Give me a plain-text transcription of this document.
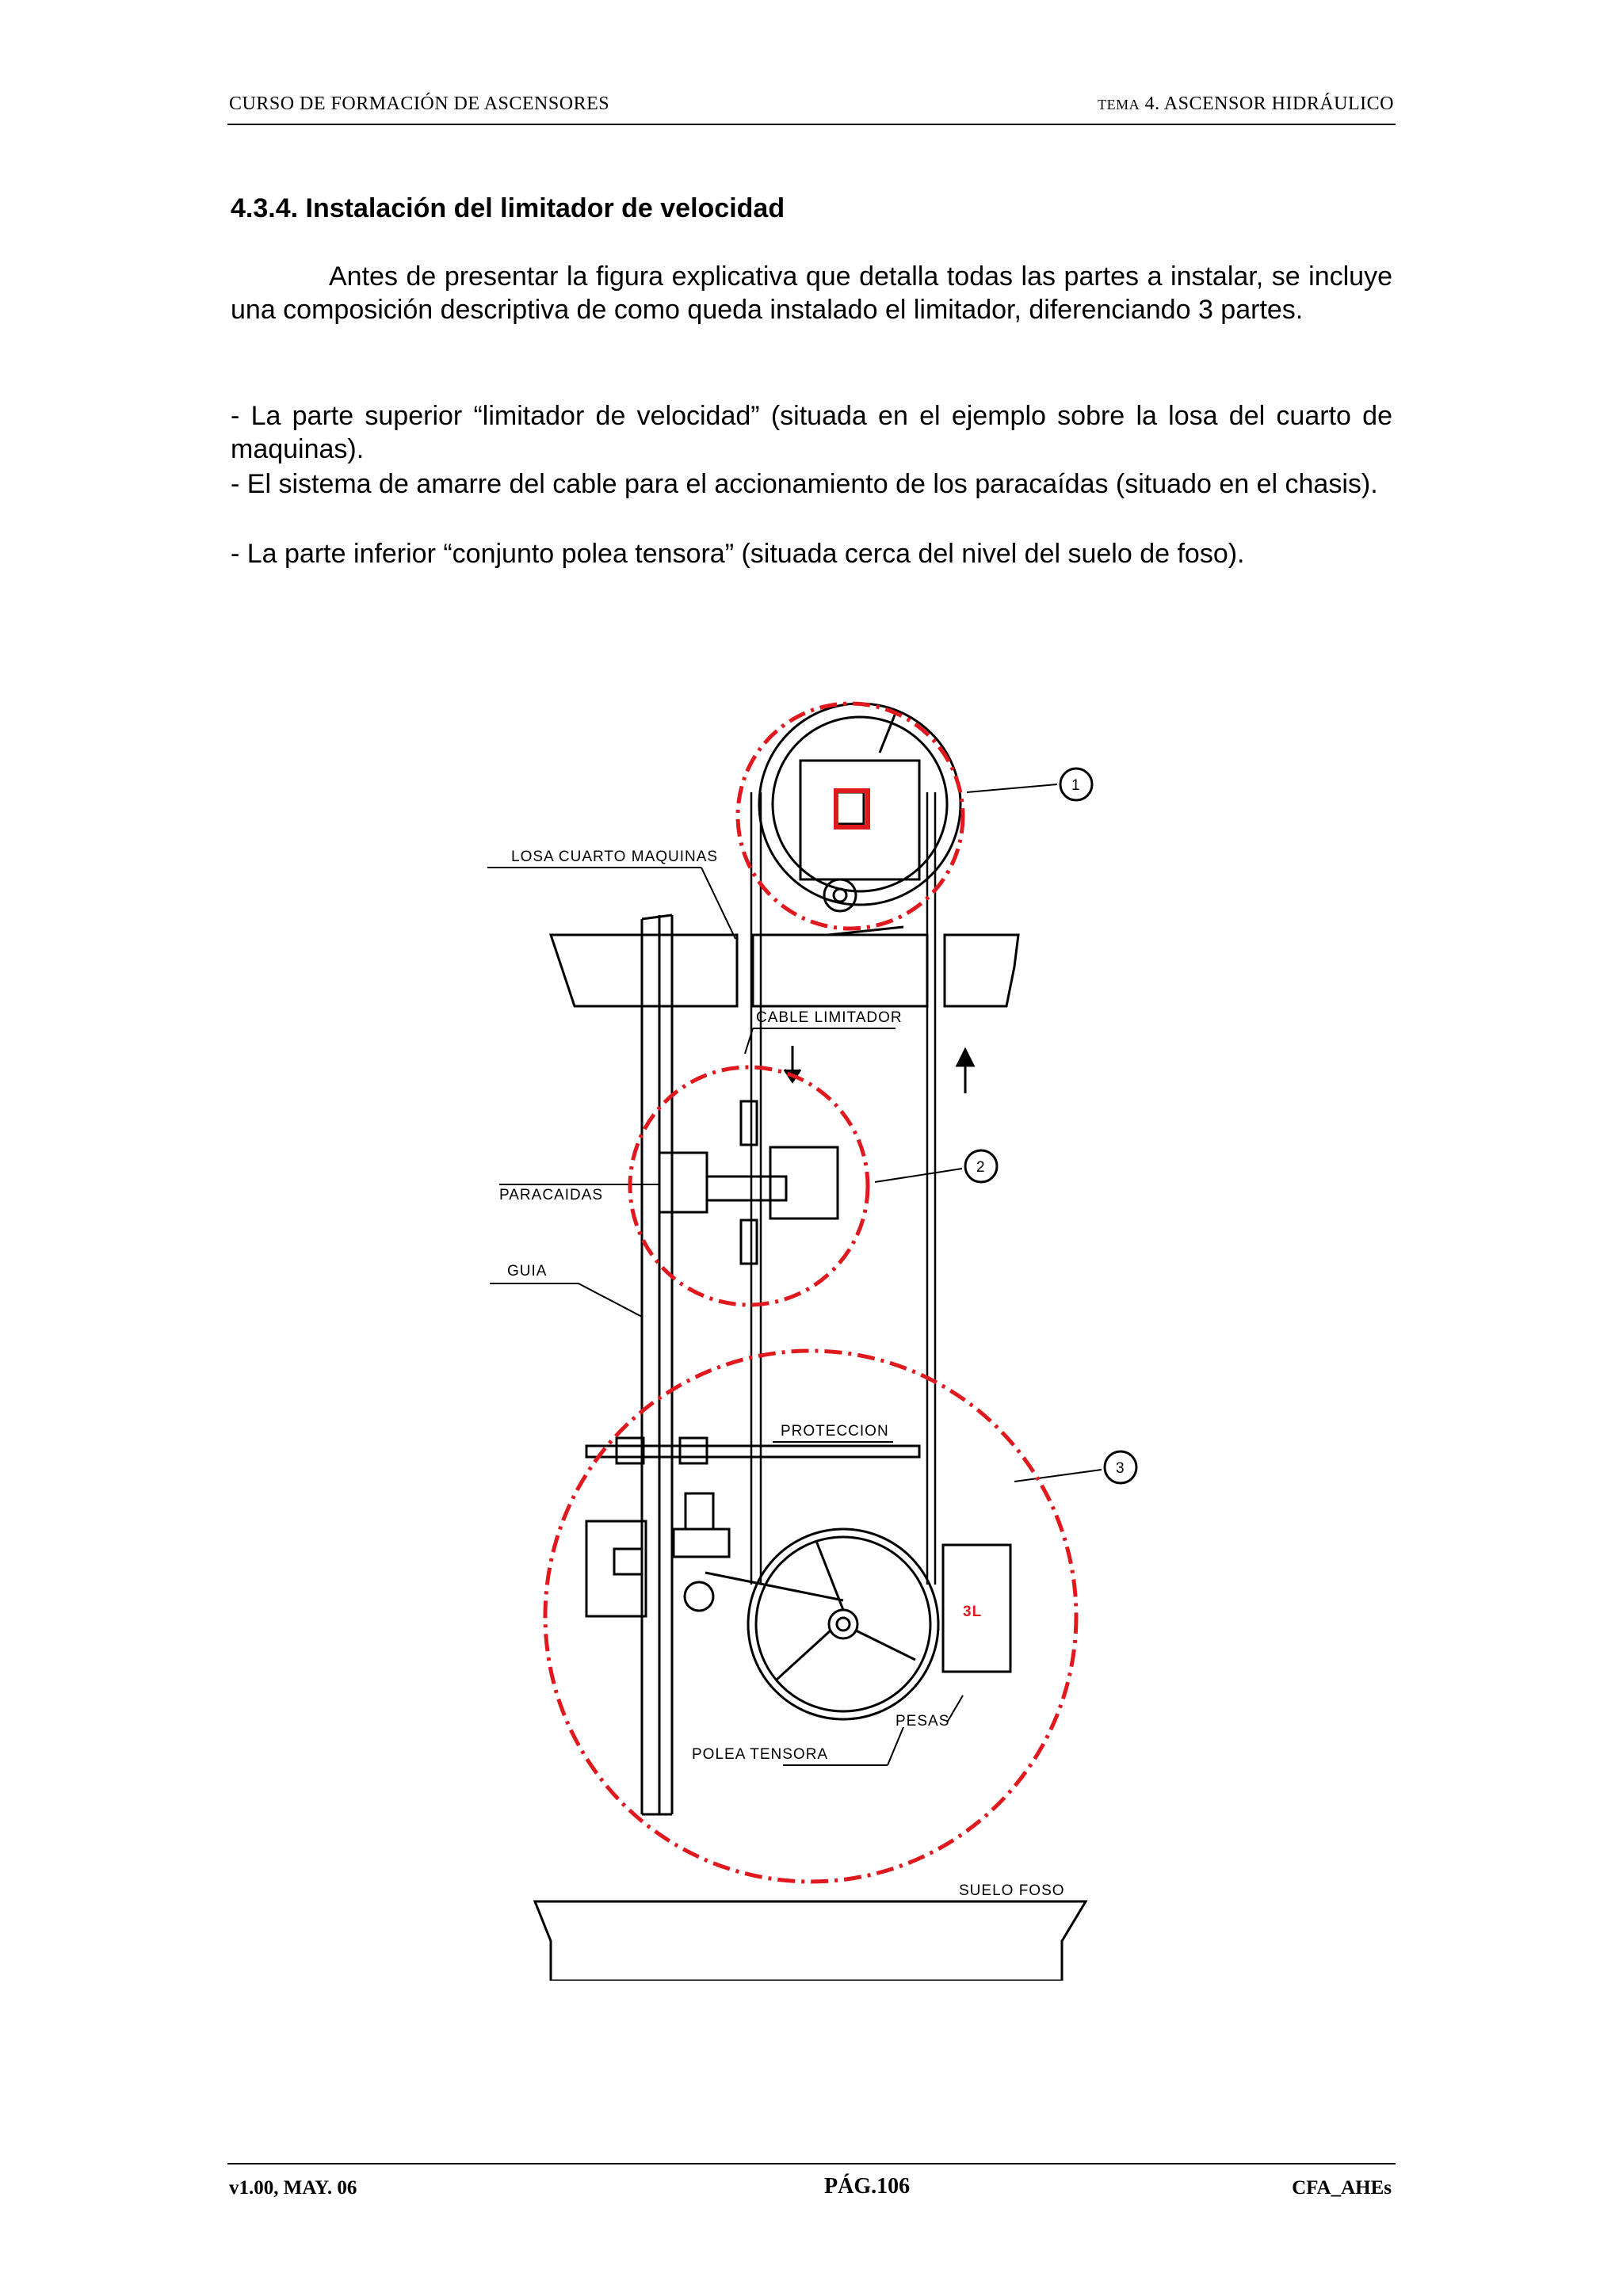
CURSO DE FORMACIÓN DE ASCENSORES	TEMA 4. ASCENSOR HIDRÁULICO
4.3.4. Instalación del limitador de velocidad

Antes de presentar la figura explicativa que detalla todas las partes a instalar, se incluye una composición descriptiva de como queda instalado el limitador, diferenciando 3 partes.

- La parte superior “limitador de velocidad” (situada en el ejemplo sobre la losa del cuarto de maquinas).

- El sistema de amarre del cable para el accionamiento de los paracaídas (situado en el chasis).

- La parte inferior “conjunto polea tensora” (situada cerca del nivel del suelo de foso).

LOSA CUARTO MAQUINAS
CABLE LIMITADOR
PARACAIDAS
GUIA
PROTECCION
PESAS
POLEA TENSORA
SUELO FOSO
1
2
3
3L
v1.00, MAY. 06	PÁG.106	CFA_AHEs
